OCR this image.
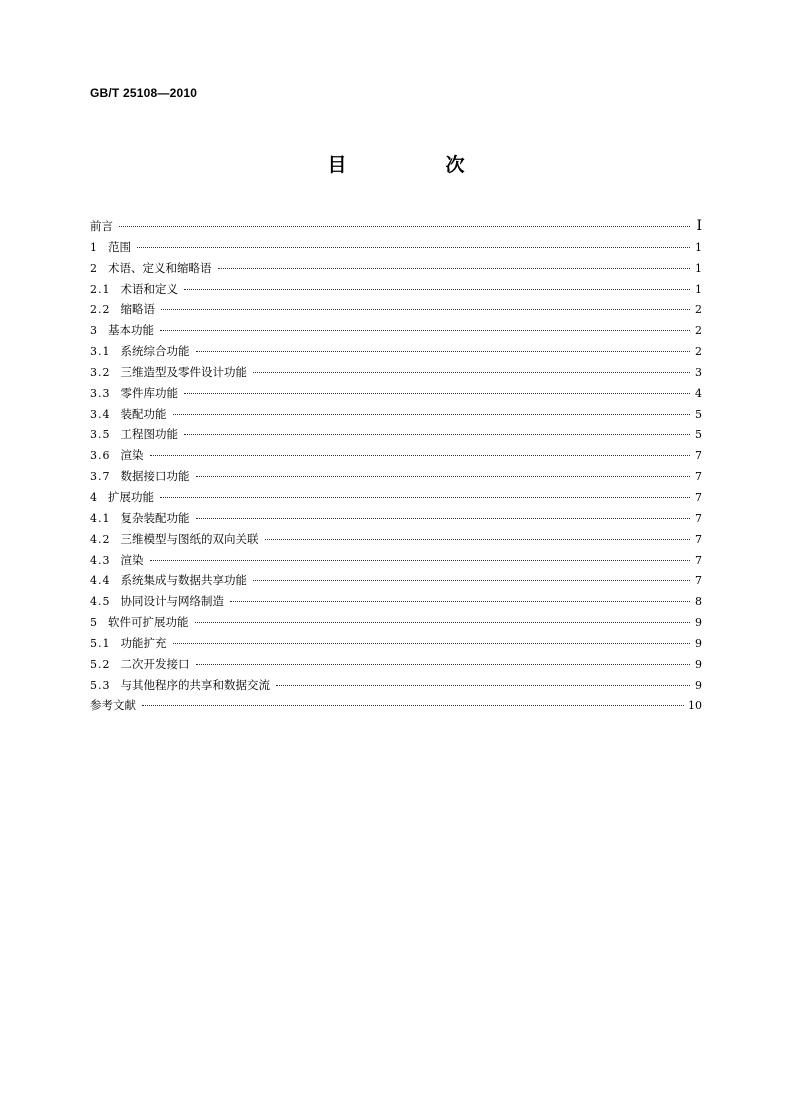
GB/T 25108—2010
目　次
前言	Ⅰ
1 范围	1
2 术语、定义和缩略语	1
2.1 术语和定义	1
2.2 缩略语	2
3 基本功能	2
3.1 系统综合功能	2
3.2 三维造型及零件设计功能	3
3.3 零件库功能	4
3.4 装配功能	5
3.5 工程图功能	5
3.6 渲染	7
3.7 数据接口功能	7
4 扩展功能	7
4.1 复杂装配功能	7
4.2 三维模型与图纸的双向关联	7
4.3 渲染	7
4.4 系统集成与数据共享功能	7
4.5 协同设计与网络制造	8
5 软件可扩展功能	9
5.1 功能扩充	9
5.2 二次开发接口	9
5.3 与其他程序的共享和数据交流	9
参考文献	10
